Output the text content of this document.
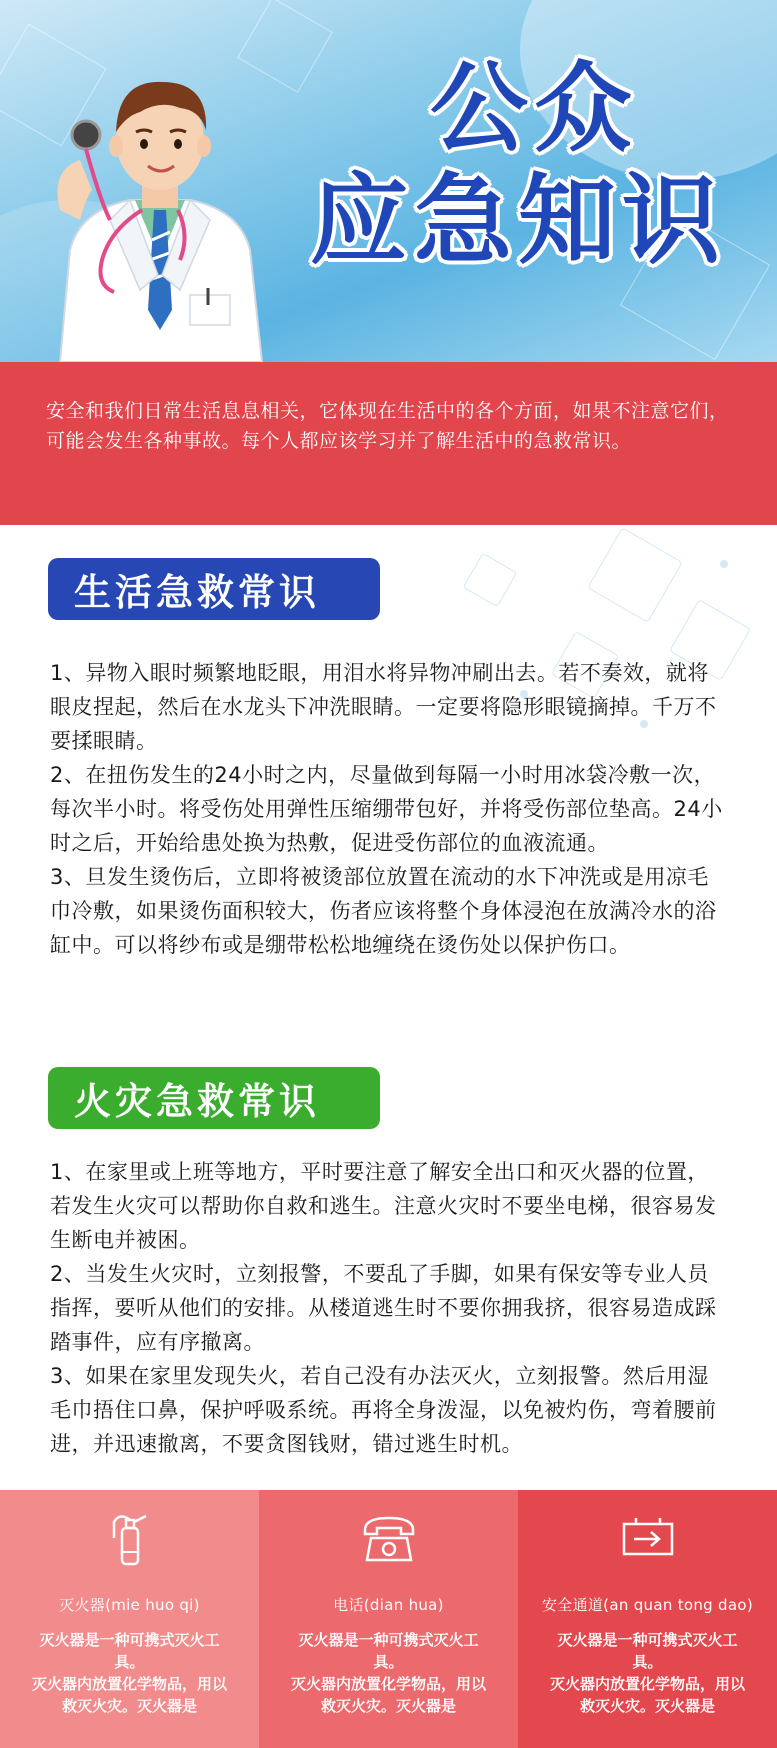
公众
应急知识

安全和我们日常生活息息相关，它体现在生活中的各个方面，如果不注意它们，可能会发生各种事故。每个人都应该学习并了解生活中的急救常识。

生活急救常识

1、异物入眼时频繁地眨眼，用泪水将异物冲刷出去。若不奏效，就将眼皮捏起，然后在水龙头下冲洗眼睛。一定要将隐形眼镜摘掉。千万不要揉眼睛。

2、在扭伤发生的24小时之内，尽量做到每隔一小时用冰袋冷敷一次，每次半小时。将受伤处用弹性压缩绷带包好，并将受伤部位垫高。24小时之后，开始给患处换为热敷，促进受伤部位的血液流通。

3、旦发生烫伤后，立即将被烫部位放置在流动的水下冲洗或是用凉毛巾冷敷，如果烫伤面积较大，伤者应该将整个身体浸泡在放满冷水的浴缸中。可以将纱布或是绷带松松地缠绕在烫伤处以保护伤口。

火灾急救常识

1、在家里或上班等地方，平时要注意了解安全出口和灭火器的位置，若发生火灾可以帮助你自救和逃生。注意火灾时不要坐电梯，很容易发生断电并被困。

2、当发生火灾时，立刻报警，不要乱了手脚，如果有保安等专业人员指挥，要听从他们的安排。从楼道逃生时不要你拥我挤，很容易造成踩踏事件，应有序撤离。

3、如果在家里发现失火，若自己没有办法灭火，立刻报警。然后用湿毛巾捂住口鼻，保护呼吸系统。再将全身泼湿，以免被灼伤，弯着腰前进，并迅速撤离，不要贪图钱财，错过逃生时机。

灭火器(mie huo qi)
灭火器是一种可携式灭火工具。
灭火器内放置化学物品，用以救灭火灾。灭火器是
电话(dian hua)
灭火器是一种可携式灭火工具。
灭火器内放置化学物品，用以救灭火灾。灭火器是
安全通道(an quan tong dao)
灭火器是一种可携式灭火工具。
灭火器内放置化学物品，用以救灭火灾。灭火器是
